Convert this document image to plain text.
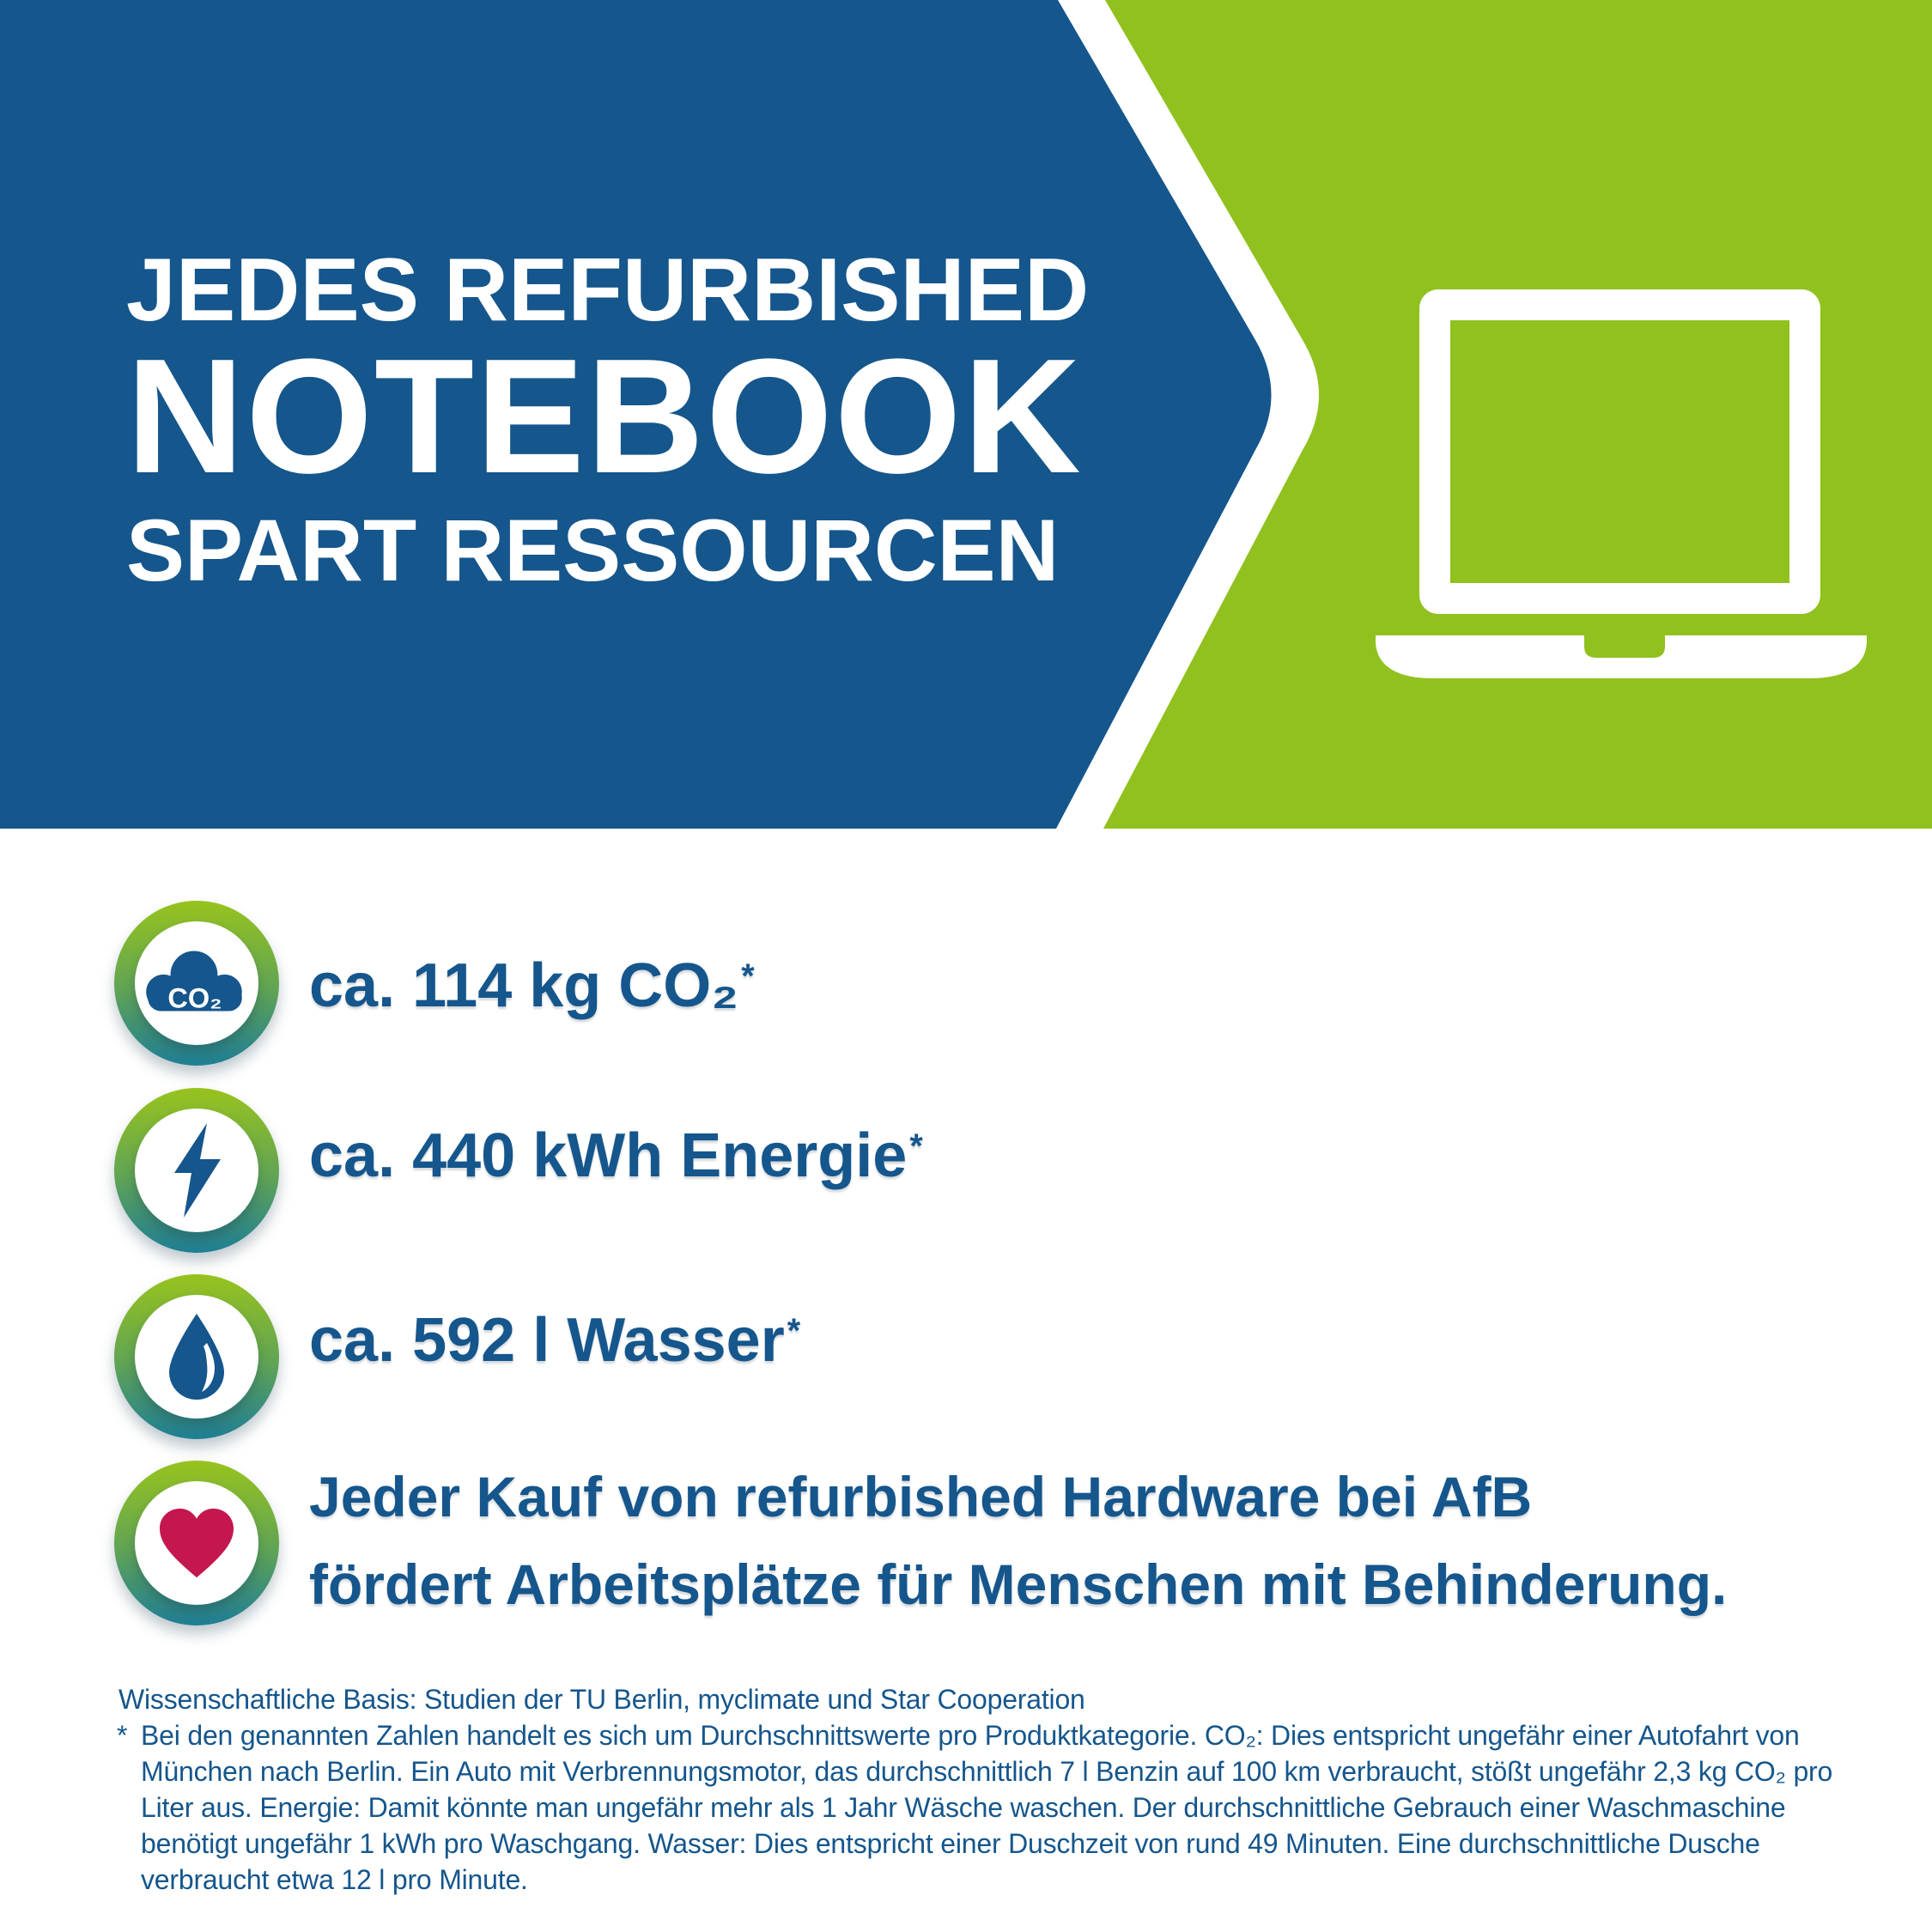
JEDES REFURBISHED
NOTEBOOK
SPART RESSOURCEN
CO₂ ca. 114 kg CO₂*
ca. 440 kWh Energie*
ca. 592 l Wasser*
Jeder Kauf von refurbished Hardware bei AfB
fördert Arbeitsplätze für Menschen mit Behinderung.
Wissenschaftliche Basis: Studien der TU Berlin, myclimate und Star Cooperation
* Bei den genannten Zahlen handelt es sich um Durchschnittswerte pro Produktkategorie. CO₂: Dies entspricht ungefähr einer Autofahrt von
München nach Berlin. Ein Auto mit Verbrennungsmotor, das durchschnittlich 7 l Benzin auf 100 km verbraucht, stößt ungefähr 2,3 kg CO₂ pro
Liter aus. Energie: Damit könnte man ungefähr mehr als 1 Jahr Wäsche waschen. Der durchschnittliche Gebrauch einer Waschmaschine
benötigt ungefähr 1 kWh pro Waschgang. Wasser: Dies entspricht einer Duschzeit von rund 49 Minuten. Eine durchschnittliche Dusche
verbraucht etwa 12 l pro Minute.
